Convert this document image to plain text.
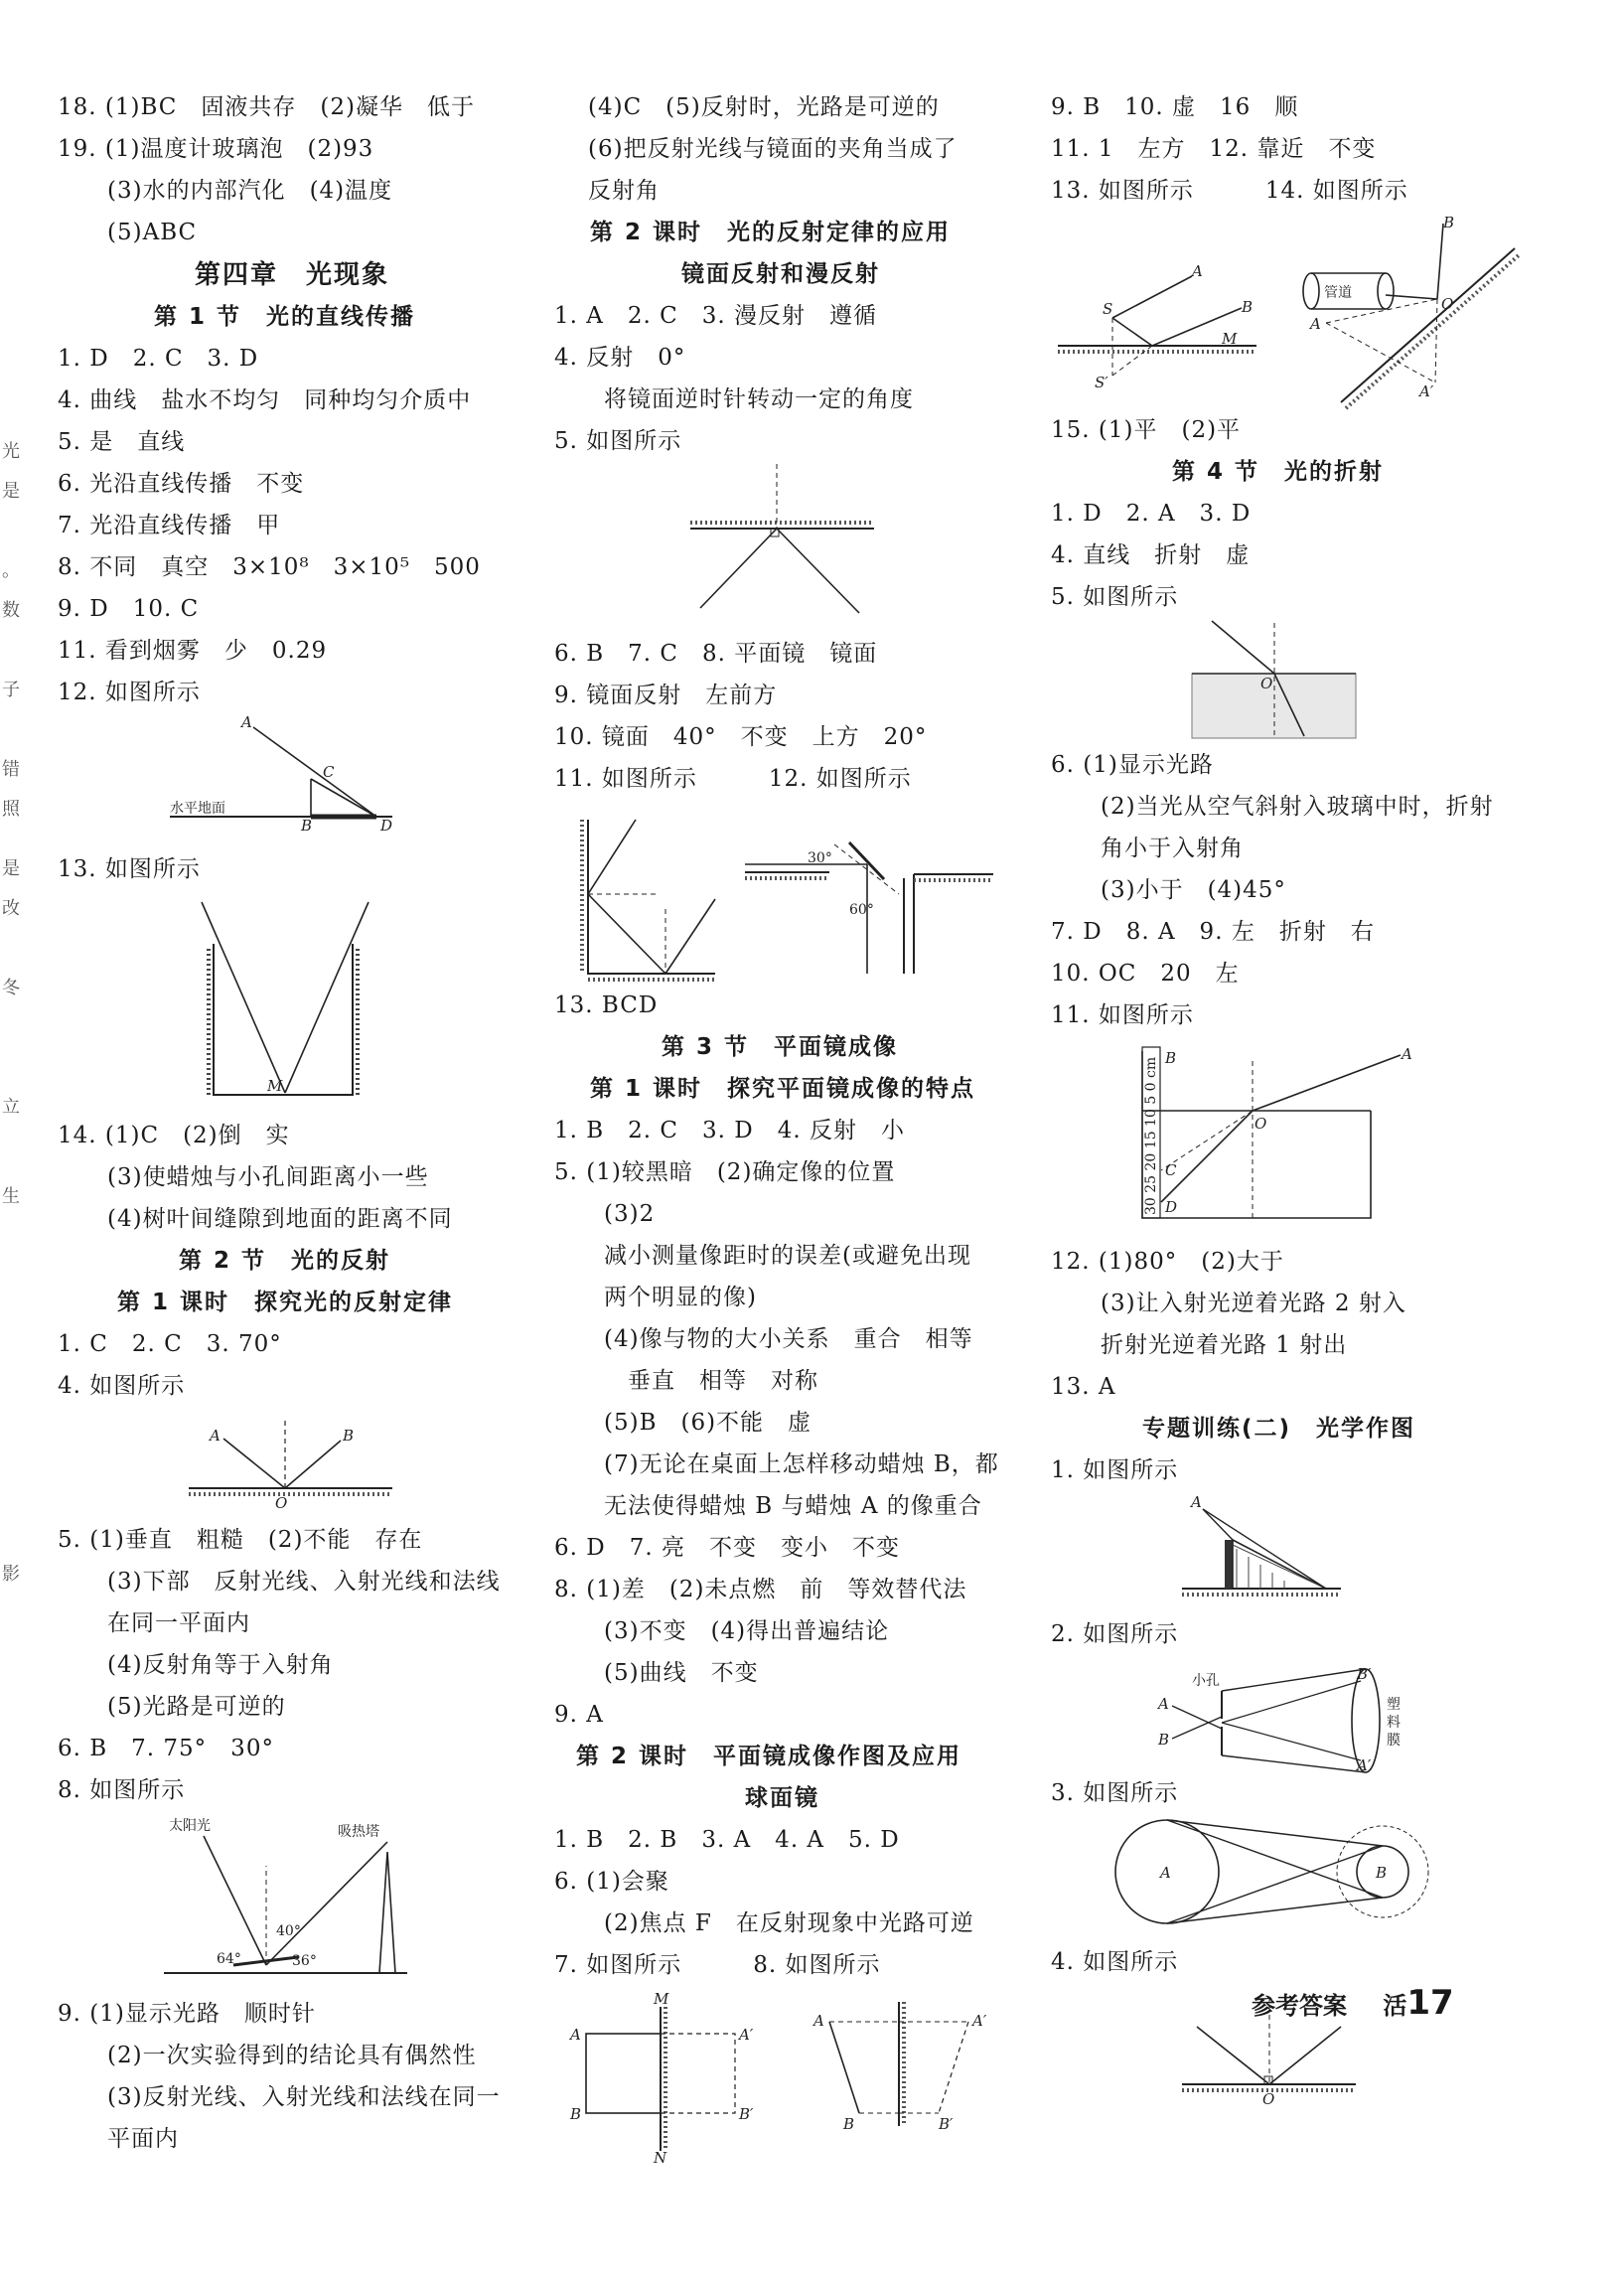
18. (1)BC　固液共存　(2)凝华　低于
19. (1)温度计玻璃泡　(2)93
　(3)水的内部汽化　(4)温度
　(5)ABC
第四章　光现象
第 1 节　光的直线传播
1. D　2. C　3. D
4. 曲线　盐水不均匀　同种均匀介质中
5. 是　直线
6. 光沿直线传播　不变
7. 光沿直线传播　甲
8. 不同　真空　3×10⁸　3×10⁵　500
9. D　10. C
11. 看到烟雾　少　0.29
12. 如图所示
A
C
B	D
水平地面
13. 如图所示
M
14. (1)C　(2)倒　实
　(3)使蜡烛与小孔间距离小一些
　(4)树叶间缝隙到地面的距离不同
第 2 节　光的反射
第 1 课时　探究光的反射定律
1. C　2. C　3. 70°
4. 如图所示
A	B
O
5. (1)垂直　粗糙　(2)不能　存在
　(3)下部　反射光线、入射光线和法线
　在同一平面内
　(4)反射角等于入射角
　(5)光路是可逆的
6. B　7. 75°　30°
8. 如图所示
太阳光	吸热塔
64°
40°
36°
9. (1)显示光路　顺时针
　(2)一次实验得到的结论具有偶然性
　(3)反射光线、入射光线和法线在同一
　平面内
　(4)C　(5)反射时，光路是可逆的
　(6)把反射光线与镜面的夹角当成了
　反射角
第 2 课时　光的反射定律的应用
镜面反射和漫反射
1. A　2. C　3. 漫反射　遵循
4. 反射　0°
　将镜面逆时针转动一定的角度
5. 如图所示
6. B　7. C　8. 平面镜　镜面
9. 镜面反射　左前方
10. 镜面　40°　不变　上方　20°
11. 如图所示　　　12. 如图所示
30°
60°
13. BCD
第 3 节　平面镜成像
第 1 课时　探究平面镜成像的特点
1. B　2. C　3. D　4. 反射　小
5. (1)较黑暗　(2)确定像的位置
　(3)2
　减小测量像距时的误差(或避免出现
　两个明显的像)
　(4)像与物的大小关系　重合　相等
　　垂直　相等　对称
　(5)B　(6)不能　虚
　(7)无论在桌面上怎样移动蜡烛 B，都
　无法使得蜡烛 B 与蜡烛 A 的像重合
6. D　7. 亮　不变　变小　不变
8. (1)差　(2)未点燃　前　等效替代法
　(3)不变　(4)得出普遍结论
　(5)曲线　不变
9. A
第 2 课时　平面镜成像作图及应用
球面镜
1. B　2. B　3. A　4. A　5. D
6. (1)会聚
　(2)焦点 F　在反射现象中光路可逆
7. 如图所示　　　8. 如图所示
M
N
A
B
A′
B′
A
B
A′
B′
9. B　10. 虚　16　顺
11. 1　左方　12. 靠近　不变
13. 如图所示　　　14. 如图所示
S
A
B
M
S′
管道
B
O
A
A′
15. (1)平　(2)平
第 4 节　光的折射
1. D　2. A　3. D
4. 直线　折射　虚
5. 如图所示
O
6. (1)显示光路
　(2)当光从空气斜射入玻璃中时，折射
　角小于入射角
　(3)小于　(4)45°
7. D　8. A　9. 左　折射　右
10. OC　20　左
11. 如图所示
30 25 20 15 10 5 0 cm B	A
O
C
D
12. (1)80°　(2)大于
　(3)让入射光逆着光路 2 射入
　折射光逆着光路 1 射出
13. A
专题训练(二)　光学作图
1. 如图所示
A
2. 如图所示
A
B
小孔	B′
A′
塑
料
膜
3. 如图所示
A	B
4. 如图所示
O
光
是
。
数
子
错
照
是
改
冬
立
生
影
参考答案 活17
